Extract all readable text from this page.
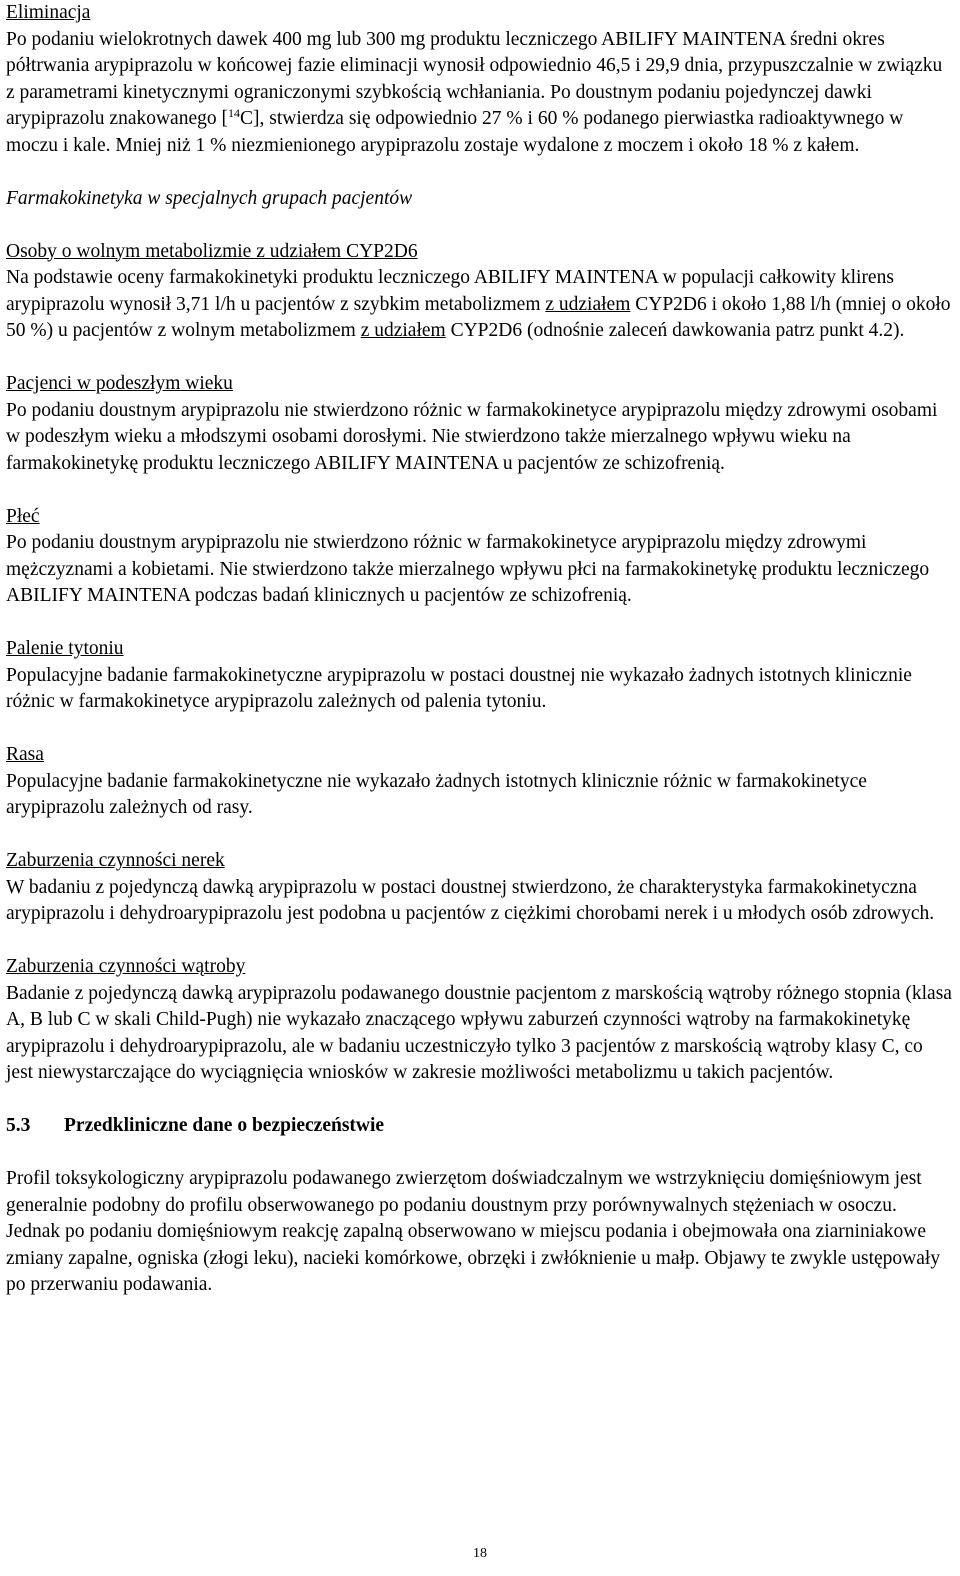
Eliminacja

Po podaniu wielokrotnych dawek 400 mg lub 300 mg produktu leczniczego ABILIFY MAINTENA średni okres półtrwania arypiprazolu w końcowej fazie eliminacji wynosił odpowiednio 46,5 i 29,9 dnia, przypuszczalnie w związku z parametrami kinetycznymi ograniczonymi szybkością wchłaniania. Po doustnym podaniu pojedynczej dawki arypiprazolu znakowanego [$^{14}$C], stwierdza się odpowiednio 27 % i 60 % podanego pierwiastka radioaktywnego w moczu i kale. Mniej niż 1 % niezmienionego arypiprazolu zostaje wydalone z moczem i około 18 % z kałem.

Farmakokinetyka w specjalnych grupach pacjentów

Osoby o wolnym metabolizmie z udziałem CYP2D6

Na podstawie oceny farmakokinetyki produktu leczniczego ABILIFY MAINTENA w populacji całkowity klirens arypiprazolu wynosił 3,71 l/h u pacjentów z szybkim metabolizmem z udziałem CYP2D6 i około 1,88 l/h (mniej o około 50 %) u pacjentów z wolnym metabolizmem z udziałem CYP2D6 (odnośnie zaleceń dawkowania patrz punkt 4.2).

Pacjenci w podeszłym wieku

Po podaniu doustnym arypiprazolu nie stwierdzono różnic w farmakokinetyce arypiprazolu między zdrowymi osobami w podeszłym wieku a młodszymi osobami dorosłymi. Nie stwierdzono także mierzalnego wpływu wieku na farmakokinetykę produktu leczniczego ABILIFY MAINTENA u pacjentów ze schizofrenią.

Płeć

Po podaniu doustnym arypiprazolu nie stwierdzono różnic w farmakokinetyce arypiprazolu między zdrowymi mężczyznami a kobietami. Nie stwierdzono także mierzalnego wpływu płci na farmakokinetykę produktu leczniczego ABILIFY MAINTENA podczas badań klinicznych u pacjentów ze schizofrenią.

Palenie tytoniu

Populacyjne badanie farmakokinetyczne arypiprazolu w postaci doustnej nie wykazało żadnych istotnych klinicznie różnic w farmakokinetyce arypiprazolu zależnych od palenia tytoniu.

Rasa

Populacyjne badanie farmakokinetyczne nie wykazało żadnych istotnych klinicznie różnic w farmakokinetyce arypiprazolu zależnych od rasy.

Zaburzenia czynności nerek

W badaniu z pojedynczą dawką arypiprazolu w postaci doustnej stwierdzono, że charakterystyka farmakokinetyczna arypiprazolu i dehydroarypiprazolu jest podobna u pacjentów z ciężkimi chorobami nerek i u młodych osób zdrowych.

Zaburzenia czynności wątroby

Badanie z pojedynczą dawką arypiprazolu podawanego doustnie pacjentom z marskością wątroby różnego stopnia (klasa A, B lub C w skali Child-Pugh) nie wykazało znaczącego wpływu zaburzeń czynności wątroby na farmakokinetykę arypiprazolu i dehydroarypiprazolu, ale w badaniu uczestniczyło tylko 3 pacjentów z marskością wątroby klasy C, co jest niewystarczające do wyciągnięcia wniosków w zakresie możliwości metabolizmu u takich pacjentów.

5.3	Przedkliniczne dane o bezpieczeństwie

Profil toksykologiczny arypiprazolu podawanego zwierzętom doświadczalnym we wstrzyknięciu domięśniowym jest generalnie podobny do profilu obserwowanego po podaniu doustnym przy porównywalnych stężeniach w osoczu. Jednak po podaniu domięśniowym reakcję zapalną obserwowano w miejscu podania i obejmowała ona ziarniniakowe zmiany zapalne, ogniska (złogi leku), nacieki komórkowe, obrzęki i zwłóknienie u małp. Objawy te zwykle ustępowały po przerwaniu podawania.

18
